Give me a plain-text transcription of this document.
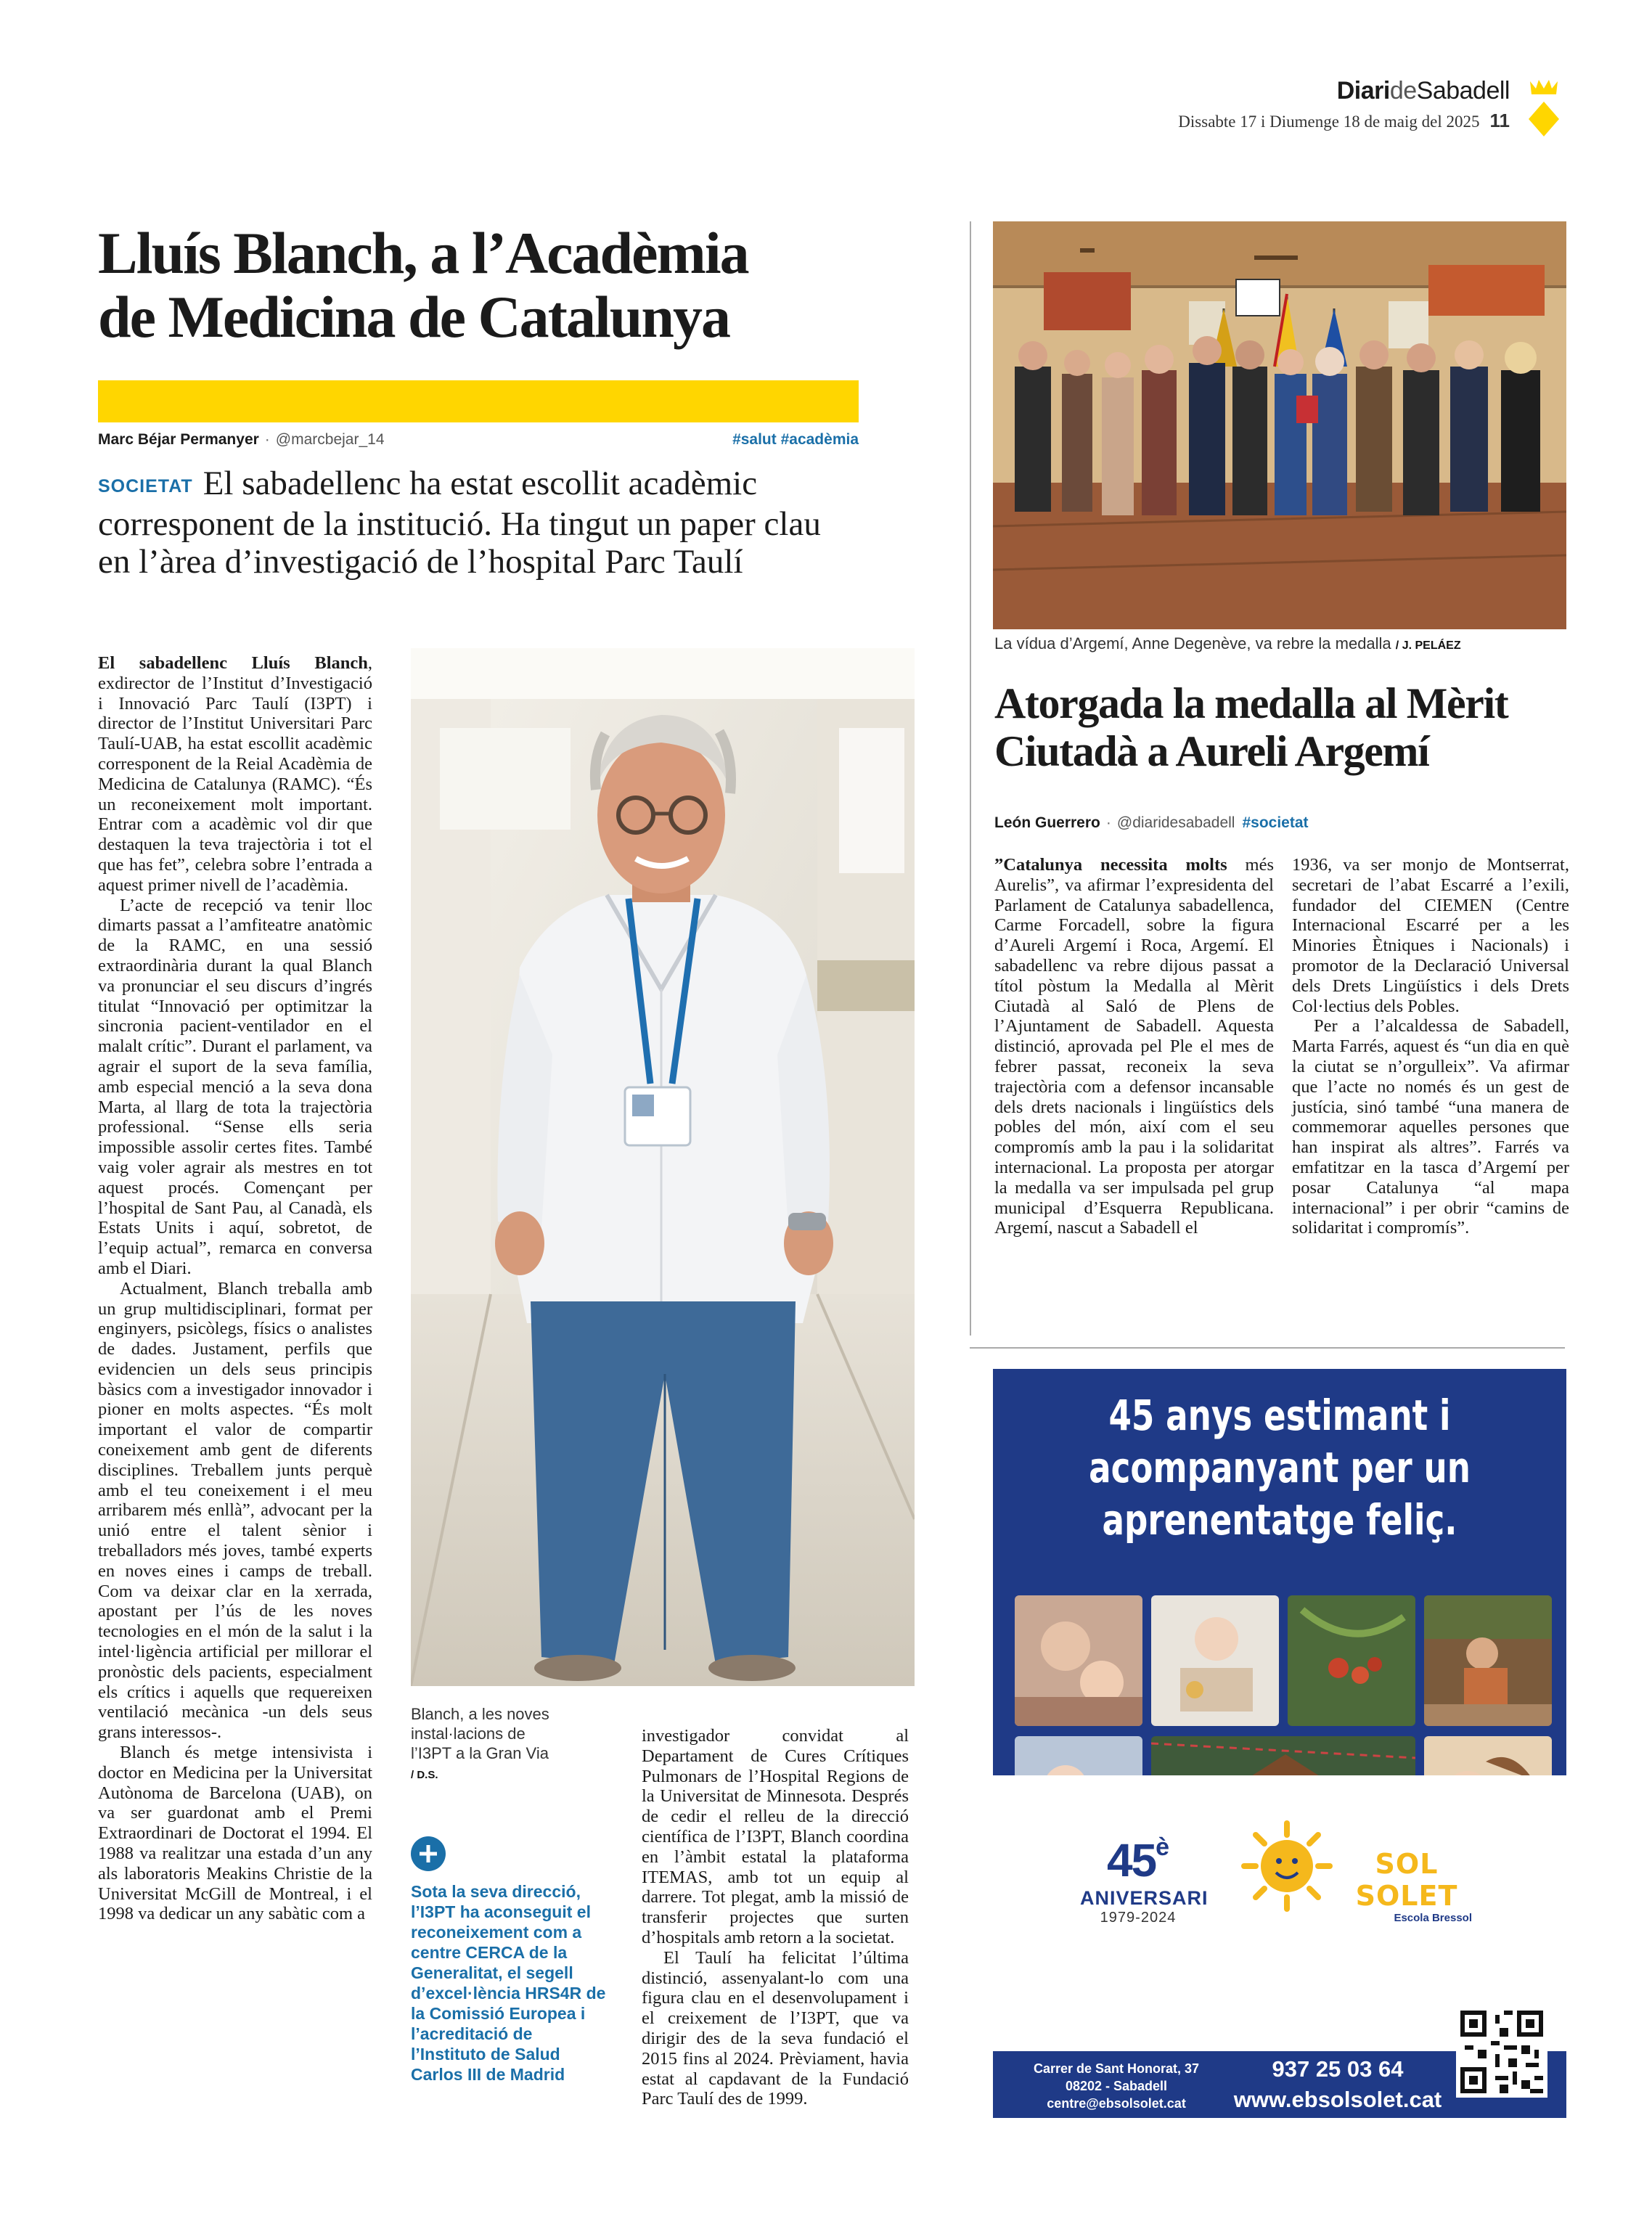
DiarideSabadell
Dissabte 17 i Diumenge 18 de maig del 2025 11
Lluís Blanch, a l’Acadèmia
de Medicina de Catalunya
Marc Béjar Permanyer · @marcbejar_14	#salut #acadèmia
SOCIETAT El sabadellenc ha estat escollit acadèmic corresponent de la institució. Ha tingut un paper clau en l’àrea d’investigació de l’hospital Parc Taulí

El sabadellenc Lluís Blanch, exdirector de l’Institut d’Investigació i Innovació Parc Taulí (I3PT) i director de l’Institut Universitari Parc Taulí-UAB, ha estat escollit acadèmic corresponent de la Reial Acadèmia de Medicina de Catalunya (RAMC). “És un reconeixement molt important. Entrar com a acadèmic vol dir que destaquen la teva trajectòria i tot el que has fet”, celebra sobre l’entrada a aquest primer nivell de l’acadèmia.

L’acte de recepció va tenir lloc dimarts passat a l’amfiteatre anatòmic de la RAMC, en una sessió extraordinària durant la qual Blanch va pronunciar el seu discurs d’ingrés titulat “Innovació per optimitzar la sincronia pacient-ventilador en el malalt crític”. Durant el parlament, va agrair el suport de la seva família, amb especial menció a la seva dona Marta, al llarg de tota la trajectòria professional. “Sense ells seria impossible assolir certes fites. També vaig voler agrair als mestres en tot aquest procés. Començant per l’hospital de Sant Pau, al Canadà, els Estats Units i aquí, sobretot, de l’equip actual”, remarca en conversa amb el Diari.

Actualment, Blanch treballa amb un grup multidisciplinari, format per enginyers, psicòlegs, físics o analistes de dades. Justament, perfils que evidencien un dels seus principis bàsics com a investigador innovador i pioner en molts aspectes. “És molt important el valor de compartir coneixement amb gent de diferents disciplines. Treballem junts perquè amb el teu coneixement i el meu arribarem més enllà”, advocant per la unió entre el talent sènior i treballadors més joves, també experts en noves eines i camps de treball. Com va deixar clar en la xerrada, apostant per l’ús de les noves tecnologies en el món de la salut i la intel·ligència artificial per millorar el pronòstic dels pacients, especialment els crítics i aquells que requereixen ventilació mecànica -un dels seus grans interessos-.

Blanch és metge intensivista i doctor en Medicina per la Universitat Autònoma de Barcelona (UAB), on va ser guardonat amb el Premi Extraordinari de Doctorat el 1994. El 1988 va realitzar una estada d’un any als laboratoris Meakins Christie de la Universitat McGill de Montreal, i el 1998 va dedicar un any sabàtic com a

Blanch, a les noves instal·lacions de l’I3PT a la Gran Via / D.S.
Sota la seva direcció, l’I3PT ha aconseguit el reconeixement com a centre CERCA de la Generalitat, el segell d’excel·lència HRS4R de la Comissió Europea i l’acreditació de l’Instituto de Salud Carlos III de Madrid

investigador convidat al Departament de Cures Crítiques Pulmonars de l’Hospital Regions de la Universitat de Minnesota. Després de cedir el relleu de la direcció científica de l’I3PT, Blanch coordina en l’àmbit estatal la plataforma ITEMAS, amb tot un equip al darrere. Tot plegat, amb la missió de transferir projectes que surten d’hospitals amb retorn a la societat.

El Taulí ha felicitat l’última distinció, assenyalant-lo com una figura clau en el desenvolupament i el creixement de l’I3PT, que va dirigir des de la seva fundació el 2015 fins al 2024. Prèviament, havia estat al capdavant de la Fundació Parc Taulí des de 1999.

La vídua d’Argemí, Anne Degenève, va rebre la medalla / J. PELÁEZ
Atorgada la medalla al Mèrit
Ciutadà a Aureli Argemí
León Guerrero · @diaridesabadell #societat

”Catalunya necessita molts més Aurelis”, va afirmar l’expresidenta del Parlament de Catalunya sabadellenca, Carme Forcadell, sobre la figura d’Aureli Argemí i Roca, Argemí. El sabadellenc va rebre dijous passat a títol pòstum la Medalla al Mèrit Ciutadà al Saló de Plens de l’Ajuntament de Sabadell. Aquesta distinció, aprovada pel Ple el mes de febrer passat, reconeix la seva trajectòria com a defensor incansable dels drets nacionals i lingüístics dels pobles del món, així com el seu compromís amb la pau i la solidaritat internacional. La proposta per atorgar la medalla va ser impulsada pel grup municipal d’Esquerra Republicana. Argemí, nascut a Sabadell el

1936, va ser monjo de Montserrat, secretari de l’abat Escarré a l’exili, fundador del CIEMEN (Centre Internacional Escarré per a les Minories Ètniques i Nacionals) i promotor de la Declaració Universal dels Drets Lingüístics i dels Drets Col·lectius dels Pobles.

Per a l’alcaldessa de Sabadell, Marta Farrés, aquest és “un dia en què la ciutat se n’orgulleix”. Va afirmar que l’acte no només és un gest de justícia, sinó també “una manera de commemorar aquelles persones que han inspirat als altres”. Farrés va emfatitzar en la tasca d’Argemí per posar Catalunya “al mapa internacional” i per obrir “camins de solidaritat i compromís”.

45 anys estimant i
acompanyant per un
aprenentatge feliç.
45è
ANIVERSARI
1979-2024
SOL SOLET
Escola Bressol
Carrer de Sant Honorat, 37
08202 - Sabadell
centre@ebsolsolet.cat
937 25 03 64
www.ebsolsolet.cat
